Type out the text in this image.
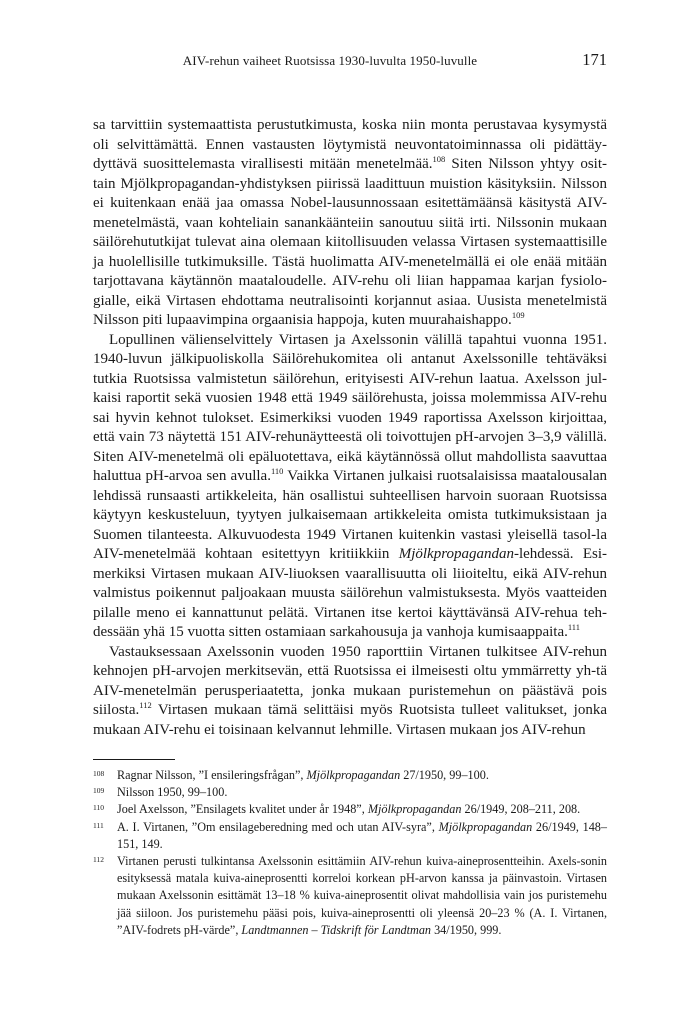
AIV-rehun vaiheet Ruotsissa 1930-luvulta 1950-luvulle	171

sa tarvittiin systemaattista perustutkimusta, koska niin monta perustavaa kysymystä oli selvittämättä. Ennen vastausten löytymistä neuvontatoiminnassa oli pidättäy-dyttävä suosittelemasta virallisesti mitään menetelmää.$^{108}$ Siten Nilsson yhtyy osit-tain Mjölkpropagandan-yhdistyksen piirissä laadittuun muistion käsityksiin. Nilsson ei kuitenkaan enää jaa omassa Nobel-lausunnossaan esitettämäänsä käsitystä AIV-menetelmästä, vaan kohteliain sanankäänteiin sanoutuu siitä irti. Nilssonin mukaan säilörehututkijat tulevat aina olemaan kiitollisuuden velassa Virtasen systemaattisille ja huolellisille tutkimuksille. Tästä huolimatta AIV-menetelmällä ei ole enää mitään tarjottavana käytännön maataloudelle. AIV-rehu oli liian happamaa karjan fysiolo-gialle, eikä Virtasen ehdottama neutralisointi korjannut asiaa. Uusista menetelmistä Nilsson piti lupaavimpina orgaanisia happoja, kuten muurahaishappo.$^{109}$

Lopullinen välienselvittely Virtasen ja Axelssonin välillä tapahtui vuonna 1951. 1940-luvun jälkipuoliskolla Säilörehukomitea oli antanut Axelssonille tehtäväksi tutkia Ruotsissa valmistetun säilörehun, erityisesti AIV-rehun laatua. Axelsson jul-kaisi raportit sekä vuosien 1948 että 1949 säilörehusta, joissa molemmissa AIV-rehu sai hyvin kehnot tulokset. Esimerkiksi vuoden 1949 raportissa Axelsson kirjoittaa, että vain 73 näytettä 151 AIV-rehunäytteestä oli toivottujen pH-arvojen 3–3,9 välillä. Siten AIV-menetelmä oli epäluotettava, eikä käytännössä ollut mahdollista saavuttaa haluttua pH-arvoa sen avulla.$^{110}$ Vaikka Virtanen julkaisi ruotsalaisissa maatalousalan lehdissä runsaasti artikkeleita, hän osallistui suhteellisen harvoin suoraan Ruotsissa käytyyn keskusteluun, tyytyen julkaisemaan artikkeleita omista tutkimuksistaan ja Suomen tilanteesta. Alkuvuodesta 1949 Virtanen kuitenkin vastasi yleisellä tasol-la AIV-menetelmää kohtaan esitettyyn kritiikkiin Mjölkpropagandan-lehdessä. Esi-merkiksi Virtasen mukaan AIV-liuoksen vaarallisuutta oli liioiteltu, eikä AIV-rehun valmistus poikennut paljoakaan muusta säilörehun valmistuksesta. Myös vaatteiden pilalle meno ei kannattunut pelätä. Virtanen itse kertoi käyttävänsä AIV-rehua teh-dessään yhä 15 vuotta sitten ostamiaan sarkahousuja ja vanhoja kumisaappaita.$^{111}$

Vastauksessaan Axelssonin vuoden 1950 raporttiin Virtanen tulkitsee AIV-rehun kehnojen pH-arvojen merkitsevän, että Ruotsissa ei ilmeisesti oltu ymmärretty yh-tä AIV-menetelmän perusperiaatetta, jonka mukaan puristemehun on päästävä pois siilosta.$^{112}$ Virtasen mukaan tämä selittäisi myös Ruotsista tulleet valitukset, jonka mukaan AIV-rehu ei toisinaan kelvannut lehmille. Virtasen mukaan jos AIV-rehun

108	Ragnar Nilsson, ”I ensileringsfrågan”, Mjölkpropagandan 27/1950, 99–100.
109	Nilsson 1950, 99–100.
110	Joel Axelsson, ”Ensilagets kvalitet under år 1948”, Mjölkpropagandan 26/1949, 208–211, 208.
111	A. I. Virtanen, ”Om ensilageberedning med och utan AIV-syra”, Mjölkpropagandan 26/1949, 148–151, 149.
112	Virtanen perusti tulkintansa Axelssonin esittämiin AIV-rehun kuiva-aineprosentteihin. Axels-sonin esityksessä matala kuiva-aineprosentti korreloi korkean pH-arvon kanssa ja päinvastoin. Virtasen mukaan Axelssonin esittämät 13–18 % kuiva-aineprosentit olivat mahdollisia vain jos puristemehu jää siiloon. Jos puristemehu pääsi pois, kuiva-aineprosentti oli yleensä 20–23 % (A. I. Virtanen, ”AIV-fodrets pH-värde”, Landtmannen – Tidskrift för Landtman 34/1950, 999.
